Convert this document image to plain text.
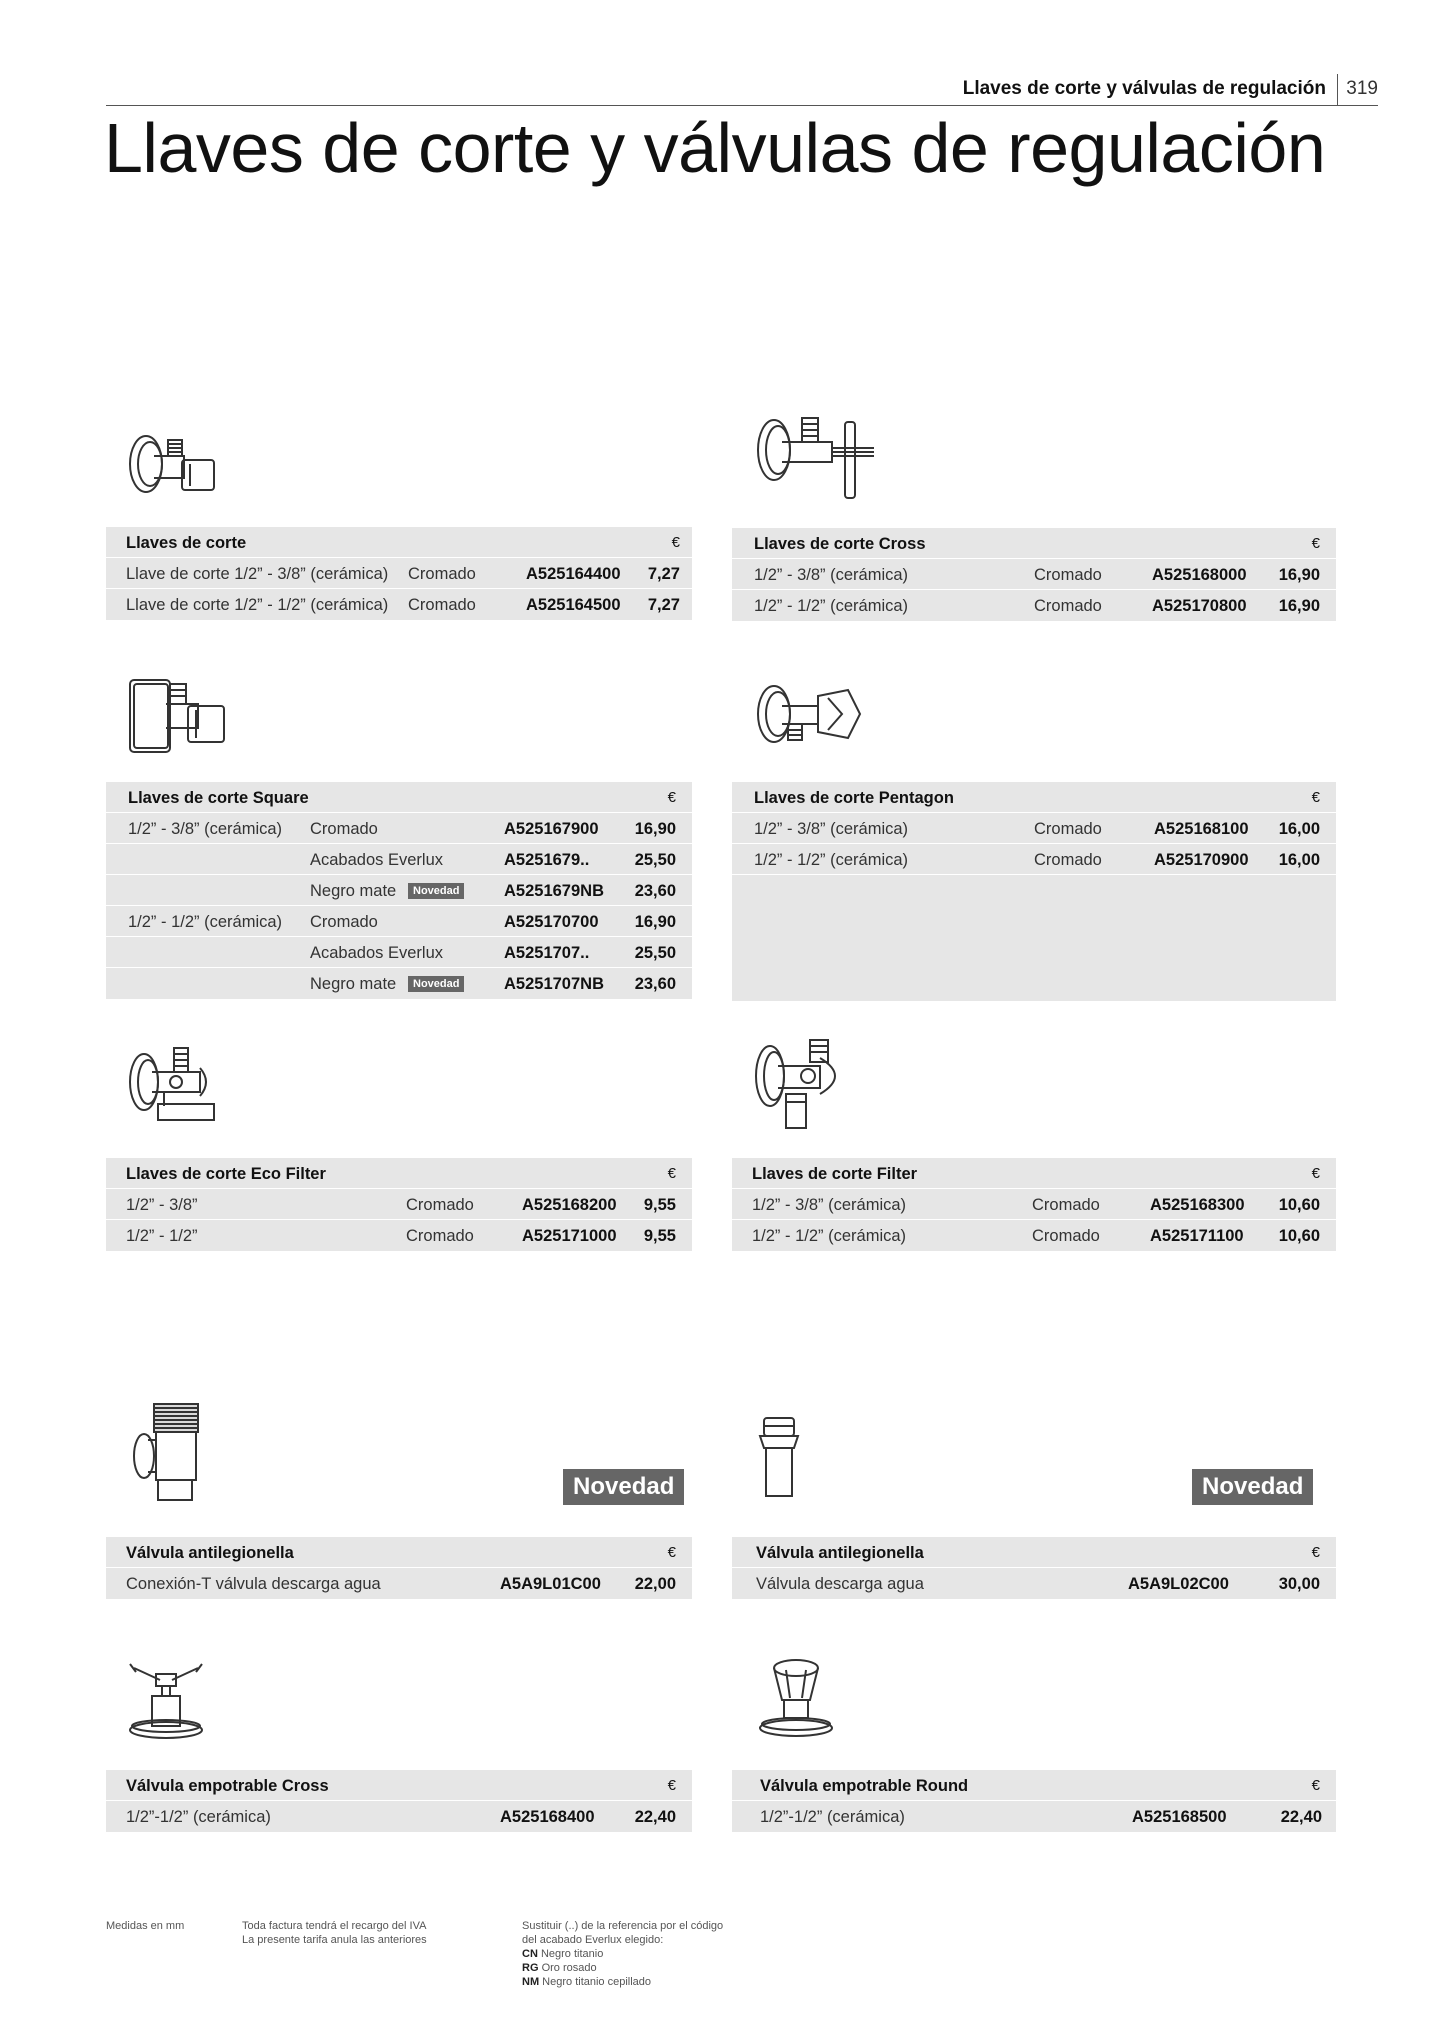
Llaves de corte y válvulas de regulación 319
Llaves de corte y válvulas de regulación
Llaves de corte	€
Llave de corte 1/2” - 3/8” (cerámica) Cromado	A525164400 7,27
Llave de corte 1/2” - 1/2” (cerámica) Cromado	A525164500 7,27
Llaves de corte Cross	€
1/2” - 3/8” (cerámica)	Cromado	A525168000 16,90
1/2” - 1/2” (cerámica)	Cromado	A525170800 16,90
Llaves de corte Square	€
1/2” - 3/8” (cerámica) Cromado	A525167900 16,90
Acabados Everlux	A5251679..	25,50
Negro mate	Novedad	A5251679NB 23,60
1/2” - 1/2” (cerámica) Cromado	A525170700 16,90
Acabados Everlux	A5251707..	25,50
Negro mate	Novedad	A5251707NB 23,60
Llaves de corte Pentagon	€
1/2” - 3/8” (cerámica)	Cromado	A525168100 16,00
1/2” - 1/2” (cerámica)	Cromado	A525170900 16,00
Llaves de corte Eco Filter	€
1/2” - 3/8”	Cromado	A525168200 9,55
1/2” - 1/2”	Cromado	A525171000 9,55
Llaves de corte Filter	€
1/2” - 3/8” (cerámica)	Cromado	A525168300 10,60
1/2” - 1/2” (cerámica)	Cromado	A525171100 10,60
Novedad
Válvula antilegionella	€
Conexión-T válvula descarga agua	A5A9L01C00 22,00
Novedad
Válvula antilegionella	€
Válvula descarga agua	A5A9L02C00	30,00
Válvula empotrable Cross	€
1/2”-1/2” (cerámica)	A525168400 22,40
Válvula empotrable Round	€
1/2”-1/2” (cerámica)	A525168500	22,40
Medidas en mm	Toda factura tendrá el recargo del IVA
La presente tarifa anula las anteriores
Sustituir (..) de la referencia por el código
del acabado Everlux elegido:
CN Negro titanio
RG Oro rosado
NM Negro titanio cepillado
